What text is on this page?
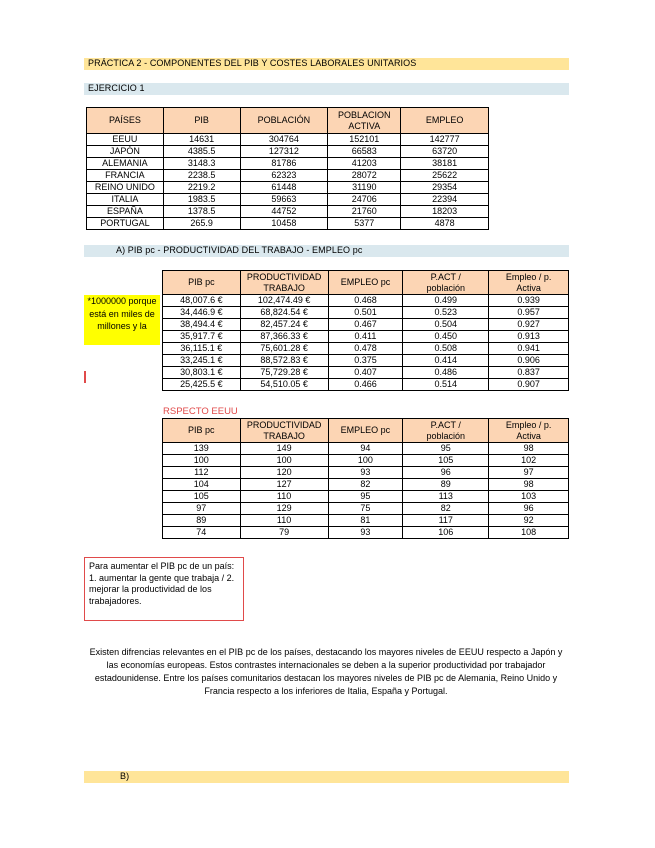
PRÁCTICA 2 - COMPONENTES DEL PIB Y COSTES LABORALES UNITARIOS
EJERCICIO 1
PAÍSES	PIB	POBLACIÓN	POBLACION ACTIVA	EMPLEO
EEUU	14631	304764	152101	142777
JAPÓN	4385.5	127312	66583	63720
ALEMANIA	3148.3	81786	41203	38181
FRANCIA	2238.5	62323	28072	25622
REINO UNIDO	2219.2	61448	31190	29354
ITALIA	1983.5	59663	24706	22394
ESPAÑA	1378.5	44752	21760	18203
PORTUGAL	265.9	10458	5377	4878
A) PIB pc - PRODUCTIVIDAD DEL TRABAJO - EMPLEO pc
*1000000 porque está en miles de millones y la
PIB pc	PRODUCTIVIDAD TRABAJO	EMPLEO pc	P.ACT / población	Empleo / p. Activa
48,007.6 €	102,474.49 €	0.468	0.499	0.939
34,446.9 €	68,824.54 €	0.501	0.523	0.957
38,494.4 €	82,457.24 €	0.467	0.504	0.927
35,917.7 €	87,366.33 €	0.411	0.450	0.913
36,115.1 €	75,601.28 €	0.478	0.508	0.941
33,245.1 €	88,572.83 €	0.375	0.414	0.906
30,803.1 €	75,729.28 €	0.407	0.486	0.837
25,425.5 €	54,510.05 €	0.466	0.514	0.907
RSPECTO EEUU
PIB pc	PRODUCTIVIDAD TRABAJO	EMPLEO pc	P.ACT / población	Empleo / p. Activa
139	149	94	95	98
100	100	100	105	102
112	120	93	96	97
104	127	82	89	98
105	110	95	113	103
97	129	75	82	96
89	110	81	117	92
74	79	93	106	108
Para aumentar el PIB pc de un país: 1. aumentar la gente que trabaja / 2. mejorar la productividad de los trabajadores.
Existen difrencias relevantes en el PIB pc de los países, destacando los mayores niveles de EEUU respecto a Japón y las economías europeas. Estos contrastes internacionales se deben a la superior productividad por trabajador estadounidense. Entre los países comunitarios destacan los mayores niveles de PIB pc de Alemania, Reino Unido y Francia respecto a los inferiores de Italia, España y Portugal.
B)
